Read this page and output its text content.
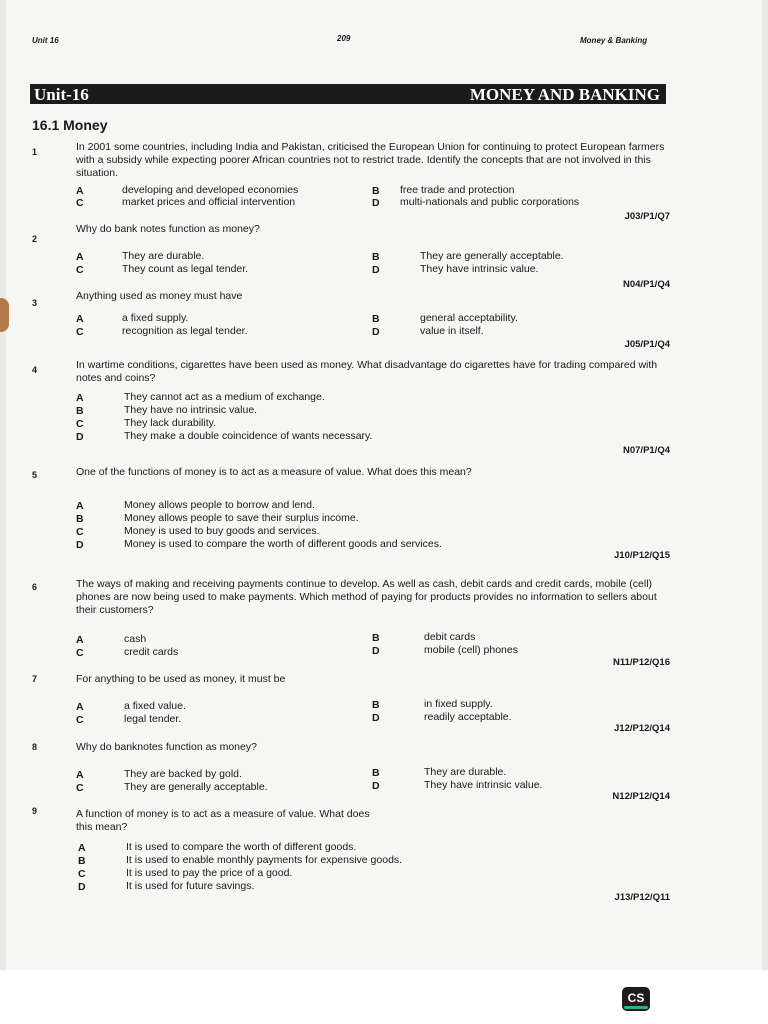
Unit 16	209	Money & Banking
Unit-16	MONEY AND BANKING
16.1 Money
1	In 2001 some countries, including India and Pakistan, criticised the European Union for continuing to protect European farmers with a subsidy while expecting poorer African countries not to restrict trade. Identify the concepts that are not involved in this situation.
A	developing and developed economies	B free trade and protection
C	market prices and official intervention	D multi-nationals and public corporations
J03/P1/Q7
2
Why do bank notes function as money?
A	They are durable.	B	They are generally acceptable.
C	They count as legal tender.	D	They have intrinsic value.
N04/P1/Q4
3
Anything used as money must have
A	a fixed supply.	B	general acceptability.
C	recognition as legal tender.	D	value in itself.
J05/P1/Q4
4	In wartime conditions, cigarettes have been used as money. What disadvantage do cigarettes have for trading compared with notes and coins?
A	They cannot act as a medium of exchange.
B	They have no intrinsic value.
C	They lack durability.
D	They make a double coincidence of wants necessary.
N07/P1/Q4
5	One of the functions of money is to act as a measure of value. What does this mean?
A	Money allows people to borrow and lend.
B	Money allows people to save their surplus income.
C	Money is used to buy goods and services.
D	Money is used to compare the worth of different goods and services.
J10/P12/Q15
6	The ways of making and receiving payments continue to develop. As well as cash, debit cards and credit cards, mobile (cell) phones are now being used to make payments. Which method of paying for products provides no information to sellers about their customers?
A	cash	B	debit cards
C	credit cards	D	mobile (cell) phones
N11/P12/Q16
7	For anything to be used as money, it must be
A	a fixed value.	B	in fixed supply.
C	legal tender.	D	readily acceptable.
J12/P12/Q14
8	Why do banknotes function as money?
A	They are backed by gold.	B	They are durable.
C	They are generally acceptable.	D	They have intrinsic value.
N12/P12/Q14
9	A function of money is to act as a measure of value. What does this mean?
A	It is used to compare the worth of different goods.
B	It is used to enable monthly payments for expensive goods.
C	It is used to pay the price of a good.
D	It is used for future savings.
J13/P12/Q11
CS
